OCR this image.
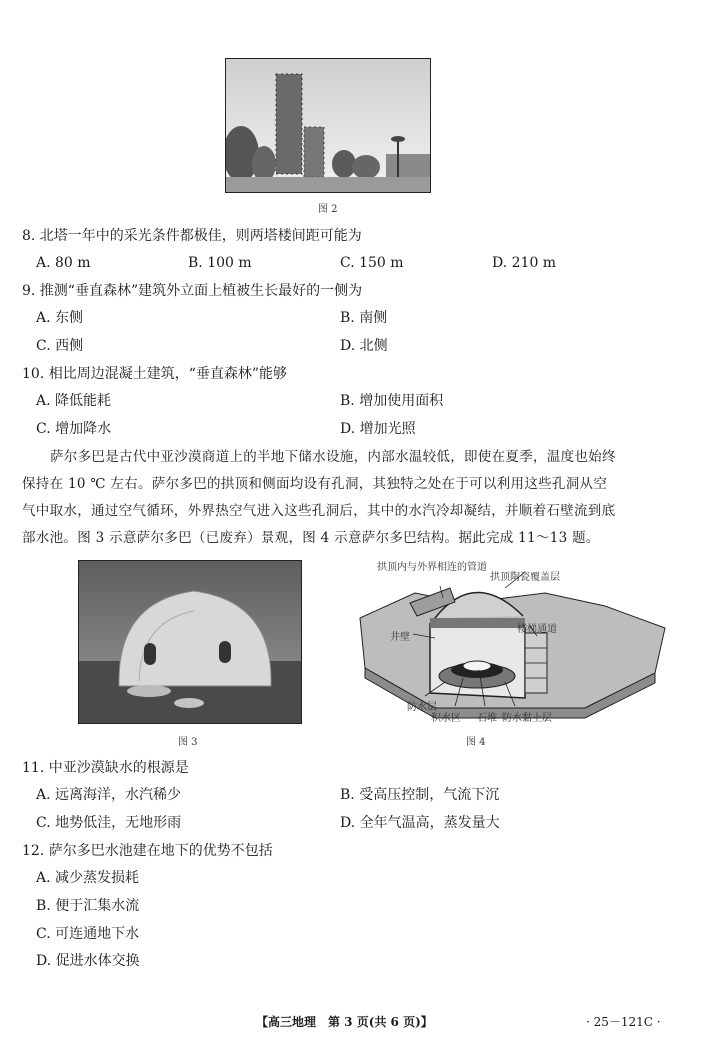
图 2
8. 北塔一年中的采光条件都极佳，则两塔楼间距可能为
A. 80 m	B. 100 m	C. 150 m	D. 210 m
9. 推测“垂直森林”建筑外立面上植被生长最好的一侧为
A. 东侧	B. 南侧
C. 西侧	D. 北侧
10. 相比周边混凝土建筑，“垂直森林”能够
A. 降低能耗	B. 增加使用面积
C. 增加降水	D. 增加光照
萨尔多巴是古代中亚沙漠商道上的半地下储水设施，内部水温较低，即使在夏季，温度也始终
保持在 10 ℃ 左右。萨尔多巴的拱顶和侧面均设有孔洞，其独特之处在于可以利用这些孔洞从空
气中取水，通过空气循环，外界热空气进入这些孔洞后，其中的水汽冷却凝结，并顺着石壁流到底
部水池。图 3 示意萨尔多巴（已废弃）景观，图 4 示意萨尔多巴结构。据此完成 11～13 题。
图 3
拱顶内与外界相连的管道
拱顶陶瓷覆盖层
井壁
楼梯通道
防水层
积水区 石堆 防水黏土层
图 4
11. 中亚沙漠缺水的根源是
A. 远离海洋，水汽稀少	B. 受高压控制，气流下沉
C. 地势低洼，无地形雨	D. 全年气温高，蒸发量大
12. 萨尔多巴水池建在地下的优势不包括
A. 减少蒸发损耗
B. 便于汇集水流
C. 可连通地下水
D. 促进水体交换
【高三地理　第 3 页(共 6 页)】	· 25－121C ·
